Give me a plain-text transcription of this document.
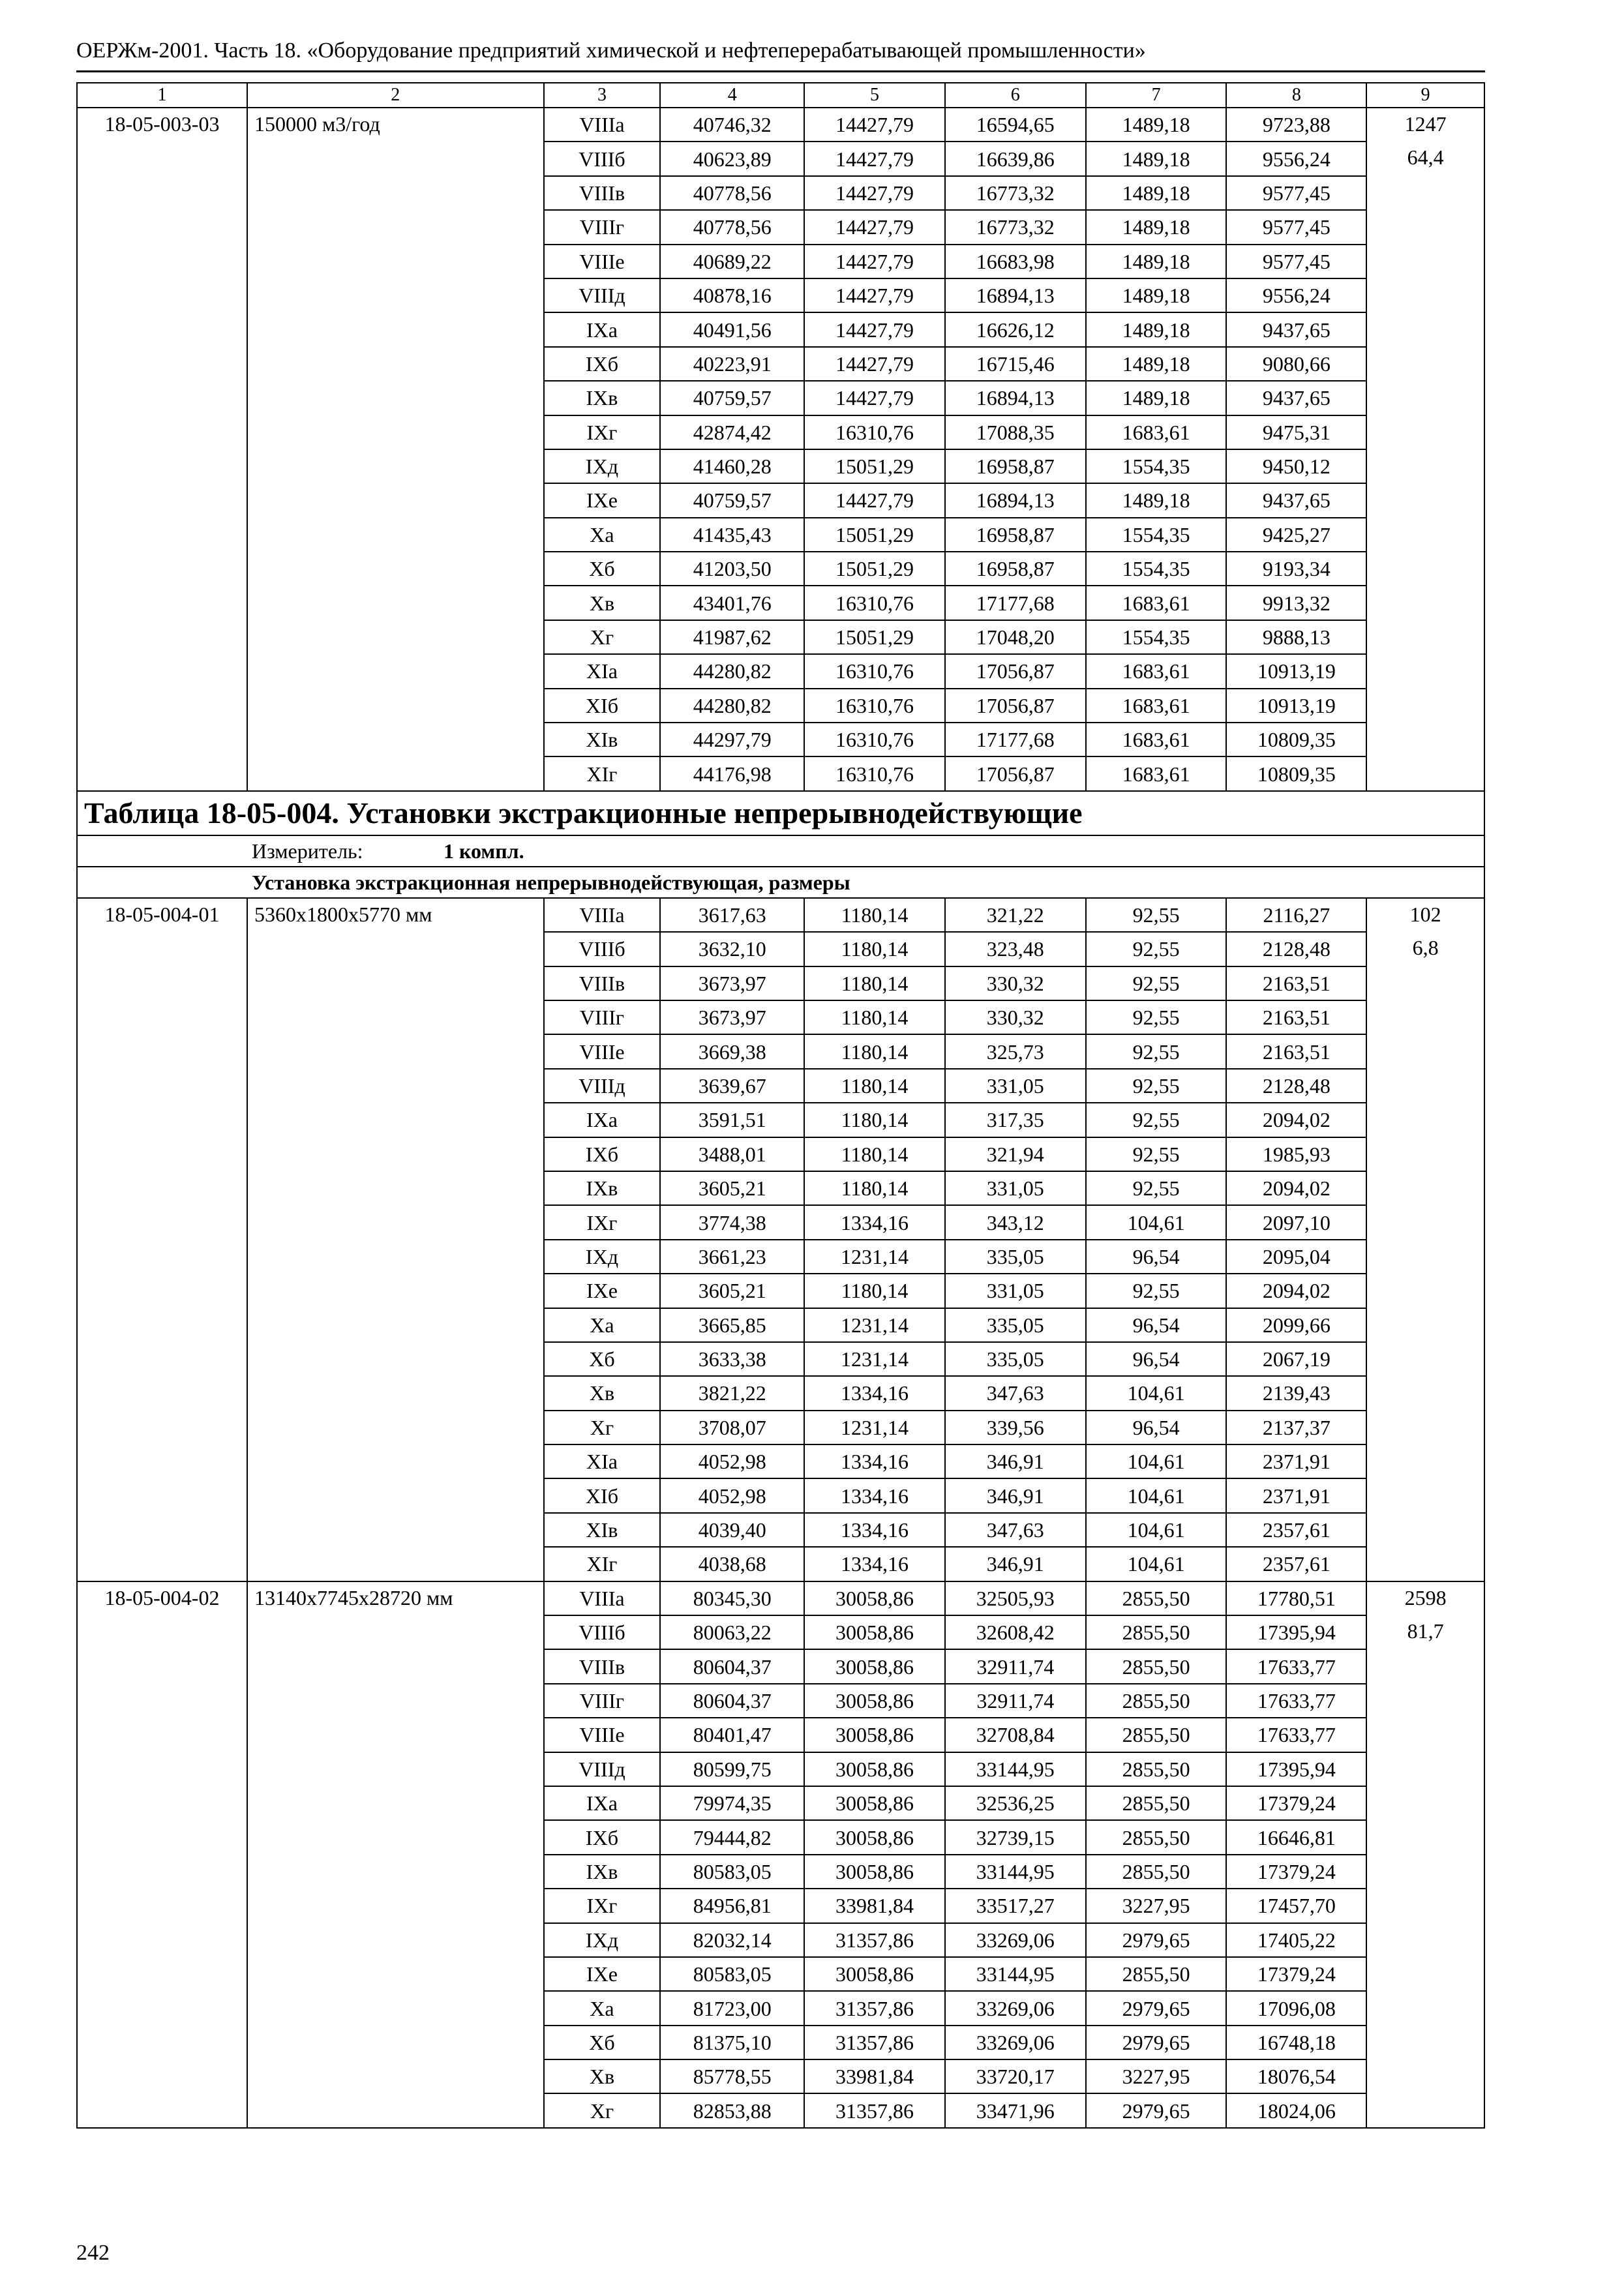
ОЕРЖм-2001. Часть 18. «Оборудование предприятий химической и нефтеперерабатывающей промышленности»
1	2	3	4	5	6	7	8	9
18-05-003-03	150000 м3/год	VIIIа	40746,32	14427,79	16594,65	1489,18	9723,88	1247
		VIIIб	40623,89	14427,79	16639,86	1489,18	9556,24	64,4
		VIIIв	40778,56	14427,79	16773,32	1489,18	9577,45	
		VIIIг	40778,56	14427,79	16773,32	1489,18	9577,45	
		VIIIе	40689,22	14427,79	16683,98	1489,18	9577,45	
		VIIIд	40878,16	14427,79	16894,13	1489,18	9556,24	
		IXа	40491,56	14427,79	16626,12	1489,18	9437,65	
		IXб	40223,91	14427,79	16715,46	1489,18	9080,66	
		IXв	40759,57	14427,79	16894,13	1489,18	9437,65	
		IXг	42874,42	16310,76	17088,35	1683,61	9475,31	
		IXд	41460,28	15051,29	16958,87	1554,35	9450,12	
		IXе	40759,57	14427,79	16894,13	1489,18	9437,65	
		Xа	41435,43	15051,29	16958,87	1554,35	9425,27	
		Xб	41203,50	15051,29	16958,87	1554,35	9193,34	
		Xв	43401,76	16310,76	17177,68	1683,61	9913,32	
		Xг	41987,62	15051,29	17048,20	1554,35	9888,13	
		XIа	44280,82	16310,76	17056,87	1683,61	10913,19	
		XIб	44280,82	16310,76	17056,87	1683,61	10913,19	
		XIв	44297,79	16310,76	17177,68	1683,61	10809,35	
		XIг	44176,98	16310,76	17056,87	1683,61	10809,35	
Таблица 18-05-004. Установки экстракционные непрерывнодействующие								
Измеритель: 1 компл.								
Установка экстракционная непрерывнодействующая, размеры								
18-05-004-01	5360х1800х5770 мм	VIIIа	3617,63	1180,14	321,22	92,55	2116,27	102
		VIIIб	3632,10	1180,14	323,48	92,55	2128,48	6,8
		VIIIв	3673,97	1180,14	330,32	92,55	2163,51	
		VIIIг	3673,97	1180,14	330,32	92,55	2163,51	
		VIIIе	3669,38	1180,14	325,73	92,55	2163,51	
		VIIIд	3639,67	1180,14	331,05	92,55	2128,48	
		IXа	3591,51	1180,14	317,35	92,55	2094,02	
		IXб	3488,01	1180,14	321,94	92,55	1985,93	
		IXв	3605,21	1180,14	331,05	92,55	2094,02	
		IXг	3774,38	1334,16	343,12	104,61	2097,10	
		IXд	3661,23	1231,14	335,05	96,54	2095,04	
		IXе	3605,21	1180,14	331,05	92,55	2094,02	
		Xа	3665,85	1231,14	335,05	96,54	2099,66	
		Xб	3633,38	1231,14	335,05	96,54	2067,19	
		Xв	3821,22	1334,16	347,63	104,61	2139,43	
		Xг	3708,07	1231,14	339,56	96,54	2137,37	
		XIа	4052,98	1334,16	346,91	104,61	2371,91	
		XIб	4052,98	1334,16	346,91	104,61	2371,91	
		XIв	4039,40	1334,16	347,63	104,61	2357,61	
		XIг	4038,68	1334,16	346,91	104,61	2357,61	
18-05-004-02	13140х7745х28720 мм	VIIIа	80345,30	30058,86	32505,93	2855,50	17780,51	2598
		VIIIб	80063,22	30058,86	32608,42	2855,50	17395,94	81,7
		VIIIв	80604,37	30058,86	32911,74	2855,50	17633,77	
		VIIIг	80604,37	30058,86	32911,74	2855,50	17633,77	
		VIIIе	80401,47	30058,86	32708,84	2855,50	17633,77	
		VIIIд	80599,75	30058,86	33144,95	2855,50	17395,94	
		IXа	79974,35	30058,86	32536,25	2855,50	17379,24	
		IXб	79444,82	30058,86	32739,15	2855,50	16646,81	
		IXв	80583,05	30058,86	33144,95	2855,50	17379,24	
		IXг	84956,81	33981,84	33517,27	3227,95	17457,70	
		IXд	82032,14	31357,86	33269,06	2979,65	17405,22	
		IXе	80583,05	30058,86	33144,95	2855,50	17379,24	
		Xа	81723,00	31357,86	33269,06	2979,65	17096,08	
		Xб	81375,10	31357,86	33269,06	2979,65	16748,18	
		Xв	85778,55	33981,84	33720,17	3227,95	18076,54	
		Xг	82853,88	31357,86	33471,96	2979,65	18024,06	
242
